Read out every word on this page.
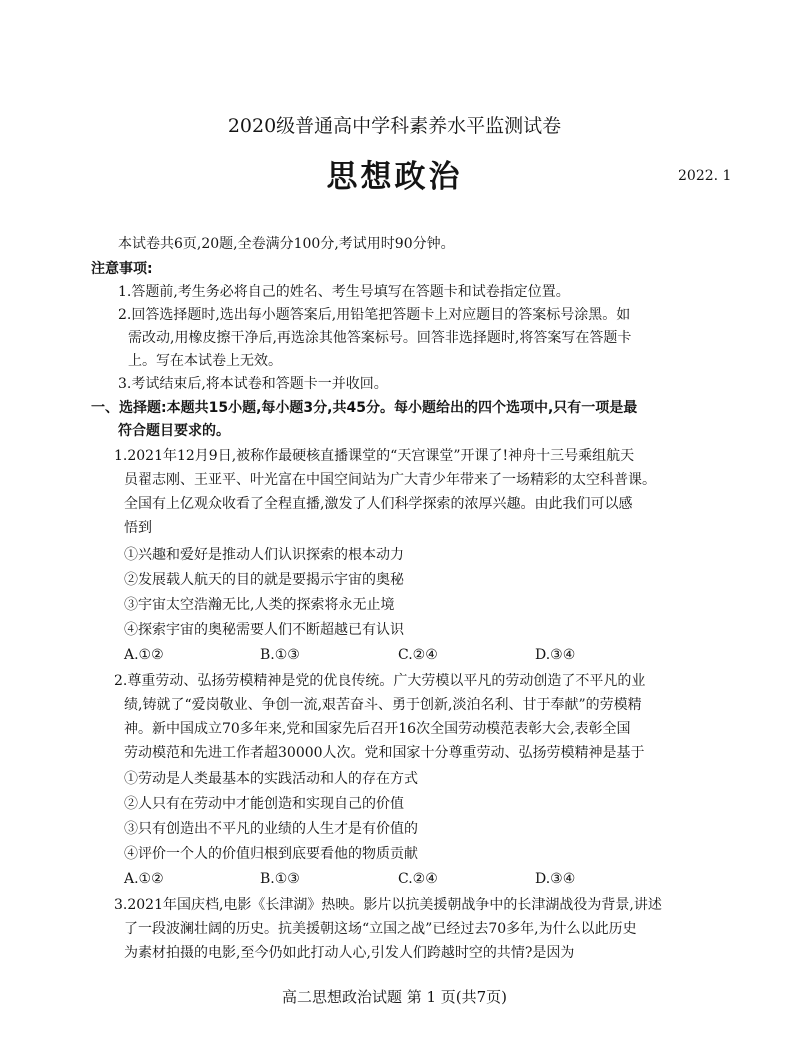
2020级普通高中学科素养水平监测试卷
思想政治	2022. 1
本试卷共6页,20题,全卷满分100分,考试用时90分钟。
注意事项:
1.答题前,考生务必将自己的姓名、考生号填写在答题卡和试卷指定位置。
2.回答选择题时,选出每小题答案后,用铅笔把答题卡上对应题目的答案标号涂黑。如
需改动,用橡皮擦干净后,再选涂其他答案标号。回答非选择题时,将答案写在答题卡
上。写在本试卷上无效。
3.考试结束后,将本试卷和答题卡一并收回。
一、选择题:本题共15小题,每小题3分,共45分。每小题给出的四个选项中,只有一项是最
符合题目要求的。
1.2021年12月9日,被称作最硬核直播课堂的“天宫课堂”开课了!神舟十三号乘组航天
员翟志刚、王亚平、叶光富在中国空间站为广大青少年带来了一场精彩的太空科普课。
全国有上亿观众收看了全程直播,激发了人们科学探索的浓厚兴趣。由此我们可以感
悟到
①兴趣和爱好是推动人们认识探索的根本动力
②发展载人航天的目的就是要揭示宇宙的奥秘
③宇宙太空浩瀚无比,人类的探索将永无止境
④探索宇宙的奥秘需要人们不断超越已有认识
A.①②	B.①③	C.②④	D.③④
2.尊重劳动、弘扬劳模精神是党的优良传统。广大劳模以平凡的劳动创造了不平凡的业
绩,铸就了“爱岗敬业、争创一流,艰苦奋斗、勇于创新,淡泊名利、甘于奉献”的劳模精
神。新中国成立70多年来,党和国家先后召开16次全国劳动模范表彰大会,表彰全国
劳动模范和先进工作者超30000人次。党和国家十分尊重劳动、弘扬劳模精神是基于
①劳动是人类最基本的实践活动和人的存在方式
②人只有在劳动中才能创造和实现自己的价值
③只有创造出不平凡的业绩的人生才是有价值的
④评价一个人的价值归根到底要看他的物质贡献
A.①②	B.①③	C.②④	D.③④
3.2021年国庆档,电影《长津湖》热映。影片以抗美援朝战争中的长津湖战役为背景,讲述
了一段波澜壮阔的历史。抗美援朝这场“立国之战”已经过去70多年,为什么以此历史
为素材拍摄的电影,至今仍如此打动人心,引发人们跨越时空的共情?是因为
高二思想政治试题 第 1 页(共7页)
